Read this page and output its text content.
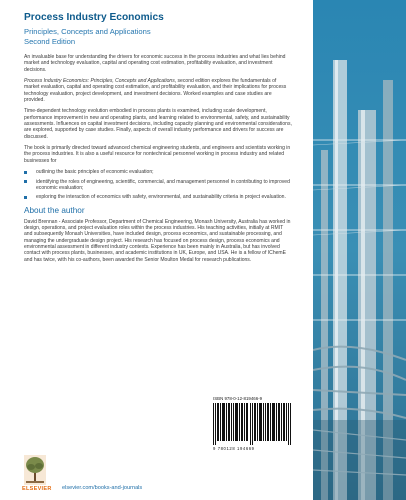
Process Industry Economics
Principles, Concepts and Applications
Second Edition

An invaluable base for understanding the drivers for economic success in the process industries and what lies behind market and technology evaluation, capital and operating cost estimation, profitability evaluation, and investment decisions.

Process Industry Economics: Principles, Concepts and Applications, second edition explores the fundamentals of market evaluation, capital and operating cost estimation, and profitability evaluation, and their implications for process technology evaluation, project development, and investment decisions. Worked examples and case studies are provided.

Time-dependent technology evolution embodied in process plants is examined, including scale development, performance improvement in new and operating plants, and learning related to environmental, safety, and sustainability assessments. Influences on capital investment decisions, including capacity planning and environmental considerations, are explored, supported by case studies. Finally, aspects of overall industry performance and drivers for success are discussed.

The book is primarily directed toward advanced chemical engineering students, and engineers and scientists working in the process industries. It is also a useful resource for nontechnical personnel working in process industry and related businesses for

outlining the basic principles of economic evaluation;
identifying the roles of engineering, scientific, commercial, and management personnel in contributing to improved economic evaluation;
exploring the interaction of economics with safety, environmental, and sustainability criteria in project evaluation.
About the author

David Brennan - Associate Professor, Department of Chemical Engineering, Monash University, Australia has worked in design, operations, and project evaluation roles within the process industries. His teaching activities, initially at RMIT and subsequently Monash Universities, have included design, process economics, and sustainable processing, and managing the undergraduate design project. His research has focused on process design, process economics and environmental assessment in different industry contexts. Experience has been mainly in Australia, but has involved contact with process plants, businesses, and academic institutions in UK, Europe, and USA. He is a fellow of IChemE and has twice, with his co-authors, been awarded the Senior Moulton Medal for research publications.

ISBN 978-0-12-819466-9
9 780128 194669
ELSEVIER elsevier.com/books-and-journals
